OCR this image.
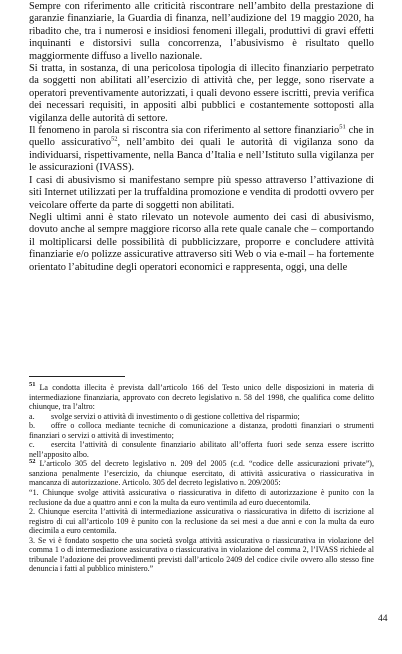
Sempre con riferimento alle criticità riscontrare nell’ambito della prestazione di garanzie finanziarie, la Guardia di finanza, nell’audizione del 19 maggio 2020, ha ribadito che, tra i numerosi e insidiosi fenomeni illegali, produttivi di gravi effetti inquinanti e distorsivi sulla concorrenza, l’abusivismo è risultato quello maggiormente diffuso a livello nazionale.

Si tratta, in sostanza, di una pericolosa tipologia di illecito finanziario perpetrato da soggetti non abilitati all’esercizio di attività che, per legge, sono riservate a operatori preventivamente autorizzati, i quali devono essere iscritti, previa verifica dei necessari requisiti, in appositi albi pubblici e costantemente sottoposti alla vigilanza delle autorità di settore.

Il fenomeno in parola si riscontra sia con riferimento al settore finanziario$^{51}$ che in quello assicurativo$^{52}$, nell’ambito dei quali le autorità di vigilanza sono da individuarsi, rispettivamente, nella Banca d’Italia e nell’Istituto sulla vigilanza per le assicurazioni (IVASS).

I casi di abusivismo si manifestano sempre più spesso attraverso l’attivazione di siti Internet utilizzati per la truffaldina promozione e vendita di prodotti ovvero per veicolare offerte da parte di soggetti non abilitati.

Negli ultimi anni è stato rilevato un notevole aumento dei casi di abusivismo, dovuto anche al sempre maggiore ricorso alla rete quale canale che – comportando il moltiplicarsi delle possibilità di pubblicizzare, proporre e concludere attività finanziarie e/o polizze assicurative attraverso siti Web o via e-mail – ha fortemente orientato l’abitudine degli operatori economici e rappresenta, oggi, una delle

$^{51}$ La condotta illecita è prevista dall’articolo 166 del Testo unico delle disposizioni in materia di intermediazione finanziaria, approvato con decreto legislativo n. 58 del 1998, che qualifica come delitto chiunque, tra l’altro:

a. svolge servizi o attività di investimento o di gestione collettiva del risparmio;
b. offre o colloca mediante tecniche di comunicazione a distanza, prodotti finanziari o strumenti finanziari o servizi o attività di investimento;
c. esercita l’attività di consulente finanziario abilitato all’offerta fuori sede senza essere iscritto nell’apposito albo.

$^{52}$ L’articolo 305 del decreto legislativo n. 209 del 2005 (c.d. “codice delle assicurazioni private”), sanziona penalmente l’esercizio, da chiunque esercitato, di attività assicurativa o riassicurativa in mancanza di autorizzazione. Articolo. 305 del decreto legislativo n. 209/2005:

“1. Chiunque svolge attività assicurativa o riassicurativa in difetto di autorizzazione è punito con la reclusione da due a quattro anni e con la multa da euro ventimila ad euro duecentomila.

2. Chiunque esercita l’attività di intermediazione assicurativa o riassicurativa in difetto di iscrizione al registro di cui all’articolo 109 è punito con la reclusione da sei mesi a due anni e con la multa da euro diecimila a euro centomila.

3. Se vi è fondato sospetto che una società svolga attività assicurativa o riassicurativa in violazione del comma 1 o di intermediazione assicurativa o riassicurativa in violazione del comma 2, l’IVASS richiede al tribunale l’adozione dei provvedimenti previsti dall’articolo 2409 del codice civile ovvero allo stesso fine denuncia i fatti al pubblico ministero.”

44
